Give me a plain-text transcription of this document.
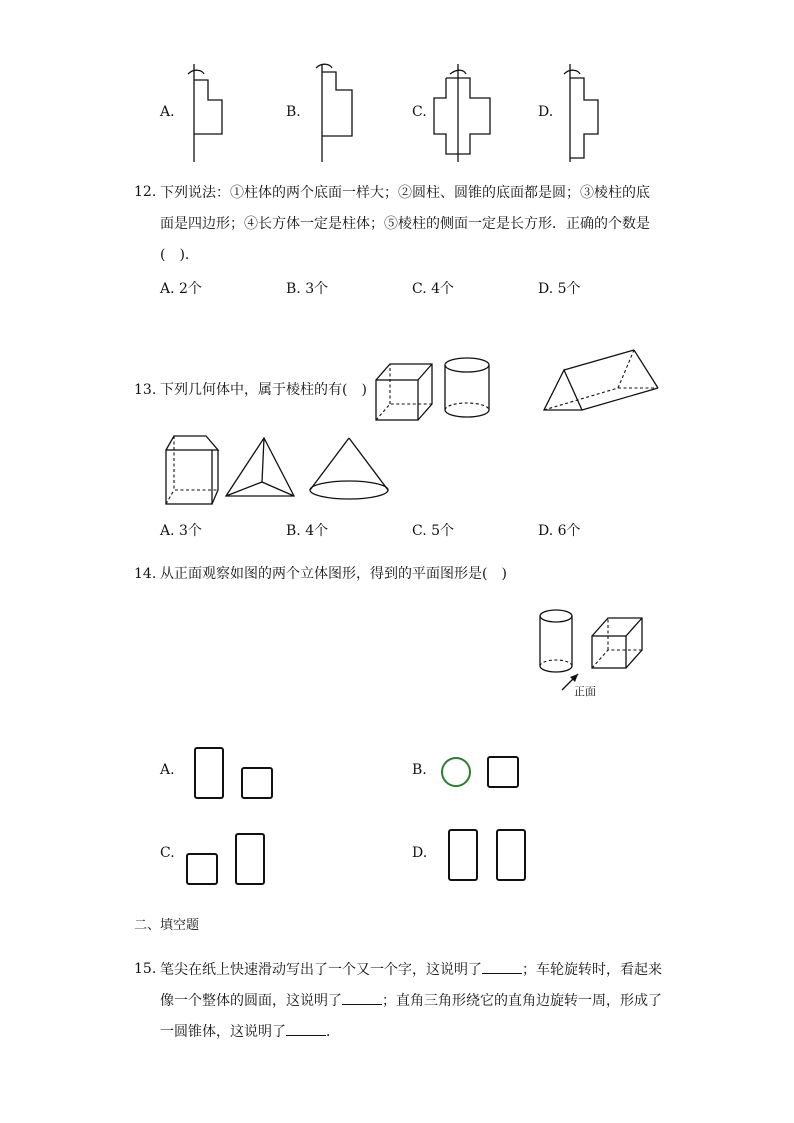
A.	B.	C.	D.
12. 下列说法：①柱体的两个底面一样大；②圆柱、圆锥的底面都是圆；③棱柱的底
面是四边形；④长方体一定是柱体；⑤棱柱的侧面一定是长方形．正确的个数是
(　)．
A. 2个	B. 3个	C. 4个	D. 5个
13. 下列几何体中，属于棱柱的有(　)
A. 3个	B. 4个	C. 5个	D. 6个
14. 从正面观察如图的两个立体图形，得到的平面图形是(　)
正面
A.	B.
C.	D.
二、填空题
15. 笔尖在纸上快速滑动写出了一个又一个字，这说明了	；车轮旋转时，看起来
像一个整体的圆面，这说明了	；直角三角形绕它的直角边旋转一周，形成了
一圆锥体，这说明了	．
